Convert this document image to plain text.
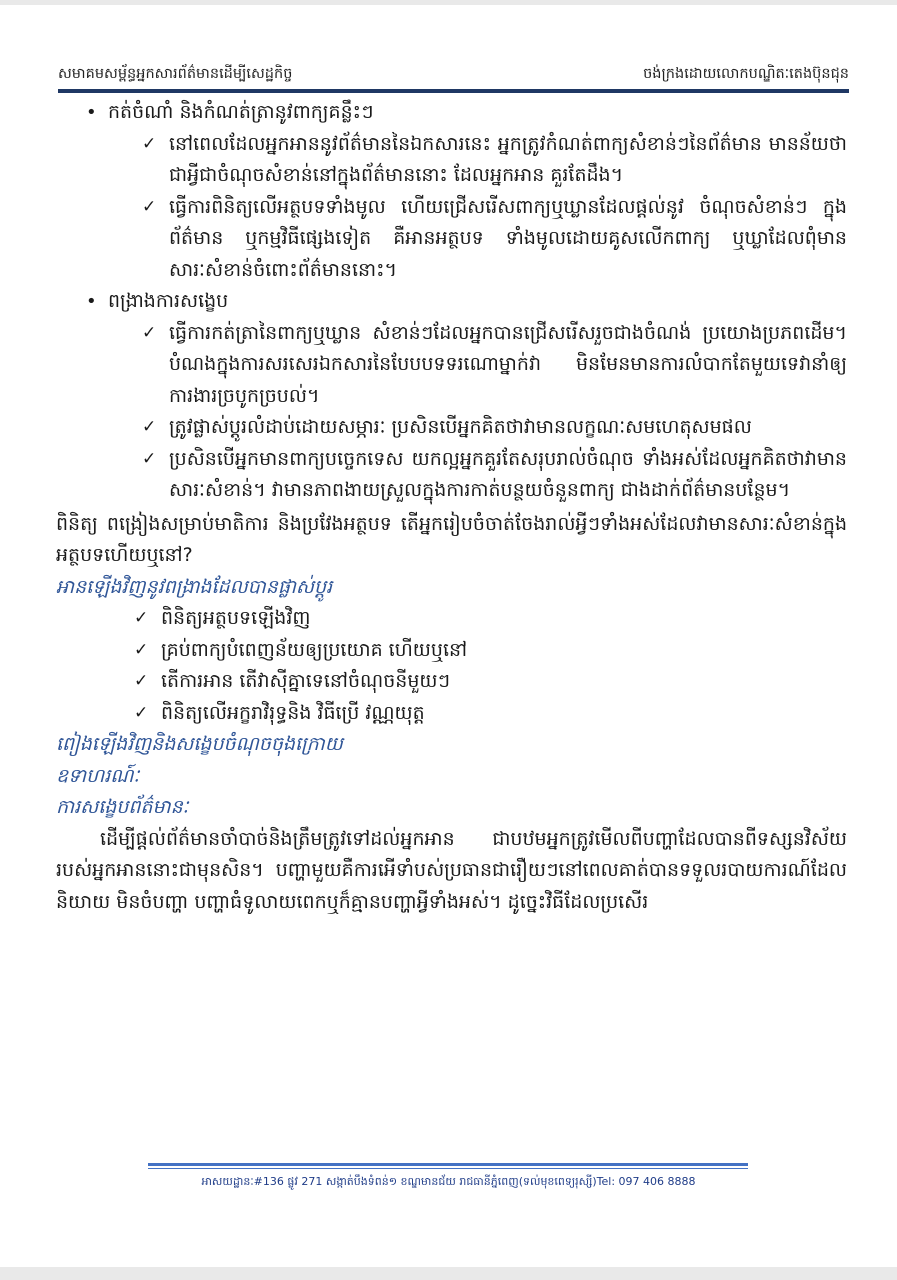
សមាគមសម្ព័ន្ធអ្នកសារព័ត៌មានដើម្បីសេដ្ឋកិច្ច	ចង់ក្រងដោយលោកបណ្ឌិតៈតេងប៊ុនជុន
• កត់ចំណាំ និងកំណត់ត្រានូវពាក្យគន្លឹះៗ
✓ នៅពេលដែលអ្នកអាននូវព័ត៌មាននៃឯកសារនេះ អ្នកត្រូវកំណត់ពាក្យសំខាន់ៗនៃព័ត៌មាន មានន័យថាជាអ្វីជាចំណុចសំខាន់នៅក្នុងព័ត៌មាននោះ ដែលអ្នកអាន គួរតែដឹង។
✓ ធ្វើការពិនិត្យលើអត្ថបទទាំងមូល ហើយជ្រើសរើសពាក្យឬឃ្លានដែលផ្តល់នូវ ចំណុចសំខាន់ៗ ក្នុងព័ត៌មាន ឬកម្មវិធីផ្សេងទៀត គឺអានអត្ថបទ ទាំងមូលដោយគូសលើកពាក្យ ឬឃ្លាដែលពុំមានសារៈសំខាន់ចំពោះព័ត៌មាននោះ។
• ពង្រាងការសង្ខេប
✓ ធ្វើការកត់ត្រានៃពាក្យឬឃ្លាន សំខាន់ៗដែលអ្នកបានជ្រើសរើសរួចជាងចំណង់ ប្រយោងប្រភពដើម។ បំណងក្នុងការសរសេរឯកសារនៃបែបបទទរណោម្នាក់វា មិនមែនមានការលំបាកតែមួយទេវានាំឲ្យការងារច្របូកច្របល់។
✓ ត្រូវផ្លាស់ប្តូរលំដាប់ដោយសម្ភារៈ ប្រសិនបើអ្នកគិតថាវាមានលក្ខណៈសមហេតុសមផល
✓ ប្រសិនបើអ្នកមានពាក្យបច្ចេកទេស យកល្អអ្នកគួរតែសរុបរាល់ចំណុច ទាំងអស់ដែលអ្នកគិតថាវាមានសារៈសំខាន់។ វាមានភាពងាយស្រួលក្នុងការកាត់បន្ថយចំនួនពាក្យ ជាងដាក់ព័ត៌មានបន្ថែម។

ពិនិត្យ ពង្រៀងសម្រាប់មាតិការ និងប្រវែងអត្ថបទ តើអ្នករៀបចំចាត់ចែងរាល់អ្វីៗទាំងអស់ដែលវាមានសារៈសំខាន់ក្នុងអត្ថបទហើយឬនៅ?

អានឡើងវិញនូវពង្រាងដែលបានផ្លាស់ប្តូរ

✓ ពិនិត្យអត្ថបទឡើងវិញ
✓ គ្រប់ពាក្យបំពេញន័យឲ្យប្រយោគ ហើយឬនៅ
✓ តើការអាន តើវាស៊ីគ្នាទេនៅចំណុចនីមួយៗ
✓ ពិនិត្យលើអក្ខរាវិរុទ្ធនិង វិធីប្រើ វណ្ណយុត្ត

ពៀងឡើងវិញនិងសង្ខេបចំណុចចុងក្រោយ

ឧទាហរណ៍ៈ

ការសង្ខេបព័ត៌មានៈ

ដើម្បីផ្តល់ព័ត៌មានចាំបាច់និងត្រឹមត្រូវទៅដល់អ្នកអាន ជាបឋមអ្នកត្រូវមើលពីបញ្ហាដែលបានពីទស្សនវិស័យរបស់អ្នកអាននោះជាមុនសិន។ បញ្ហាមួយគឺការអើទាំបស់ប្រធានជារឿយៗនៅពេលគាត់បានទទួលរបាយការណ៍ដែលនិយាយ មិនចំបញ្ហា បញ្ហាធំទូលាយពេកឬក៏គ្មានបញ្ហាអ្វីទាំងអស់។ ដូច្នេះវិធីដែលប្រសើរ

អាសយដ្ឋានៈ#136 ផ្លូវ 271 សង្កាត់បឹងទំពន់១ ខណ្ឌមានជ័យ រាជធានីភ្នំពេញ(ទល់មុខពេទ្យរុស្សី)Tel: 097 406 8888
